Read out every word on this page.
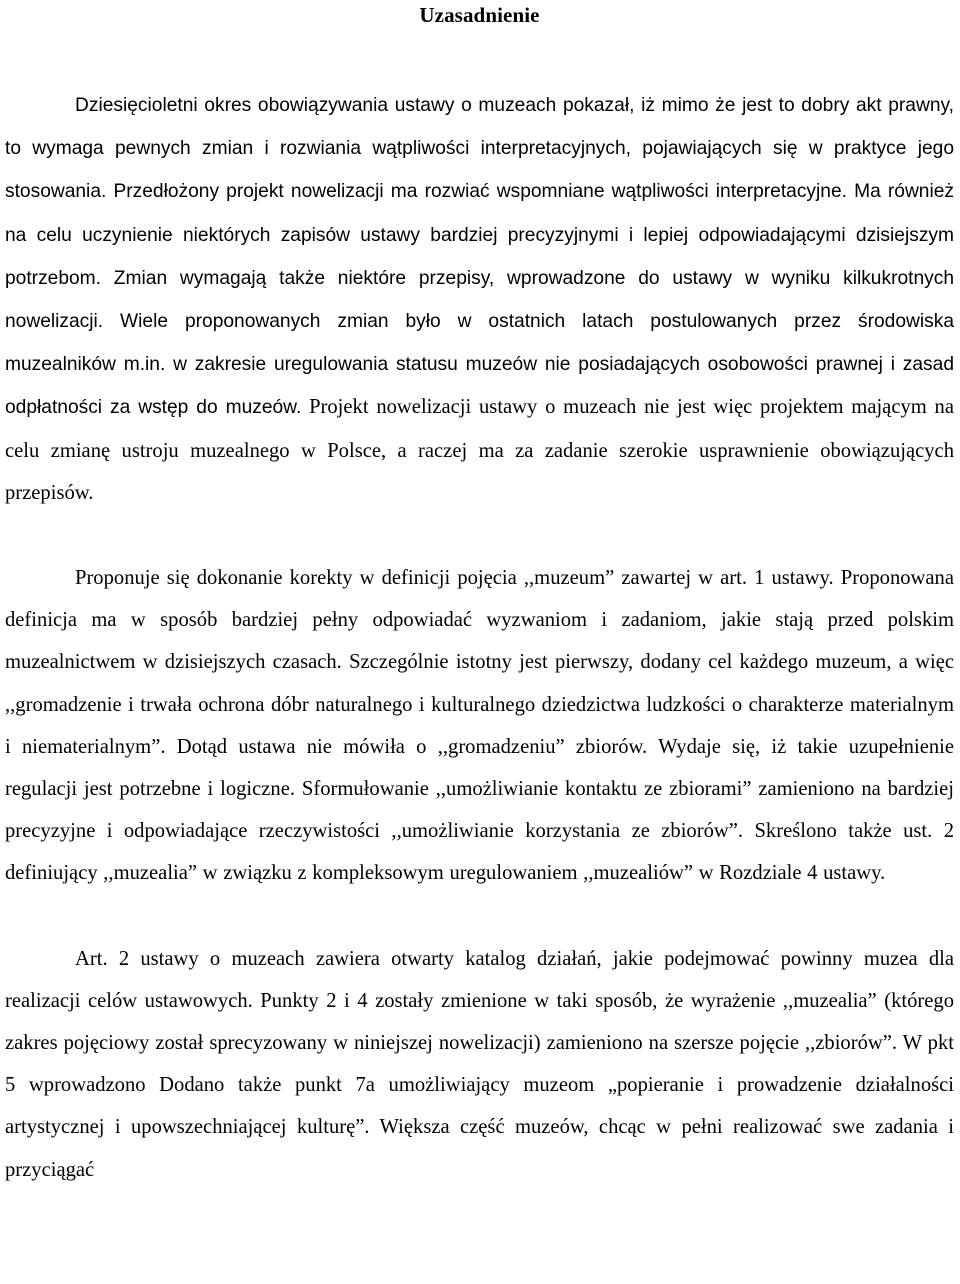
Uzasadnienie

Dziesięcioletni okres obowiązywania ustawy o muzeach pokazał, iż mimo że jest to dobry akt prawny, to wymaga pewnych zmian i rozwiania wątpliwości interpretacyjnych, pojawiających się w praktyce jego stosowania. Przedłożony projekt nowelizacji ma rozwiać wspomniane wątpliwości interpretacyjne. Ma również na celu uczynienie niektórych zapisów ustawy bardziej precyzyjnymi i lepiej odpowiadającymi dzisiejszym potrzebom. Zmian wymagają także niektóre przepisy, wprowadzone do ustawy w wyniku kilkukrotnych nowelizacji. Wiele proponowanych zmian było w ostatnich latach postulowanych przez środowiska muzealników m.in. w zakresie uregulowania statusu muzeów nie posiadających osobowości prawnej i zasad odpłatności za wstęp do muzeów. Projekt nowelizacji ustawy o muzeach nie jest więc projektem mającym na celu zmianę ustroju muzealnego w Polsce, a raczej ma za zadanie szerokie usprawnienie obowiązujących przepisów.

Proponuje się dokonanie korekty w definicji pojęcia ,,muzeum” zawartej w art. 1 ustawy. Proponowana definicja ma w sposób bardziej pełny odpowiadać wyzwaniom i zadaniom, jakie stają przed polskim muzealnictwem w dzisiejszych czasach. Szczególnie istotny jest pierwszy, dodany cel każdego muzeum, a więc ,,gromadzenie i trwała ochrona dóbr naturalnego i kulturalnego dziedzictwa ludzkości o charakterze materialnym i niematerialnym”. Dotąd ustawa nie mówiła o ,,gromadzeniu” zbiorów. Wydaje się, iż takie uzupełnienie regulacji jest potrzebne i logiczne. Sformułowanie ,,umożliwianie kontaktu ze zbiorami” zamieniono na bardziej precyzyjne i odpowiadające rzeczywistości ,,umożliwianie korzystania ze zbiorów”. Skreślono także ust. 2 definiujący ,,muzealia” w związku z kompleksowym uregulowaniem ,,muzealiów” w Rozdziale 4 ustawy.

Art. 2 ustawy o muzeach zawiera otwarty katalog działań, jakie podejmować powinny muzea dla realizacji celów ustawowych. Punkty 2 i 4 zostały zmienione w taki sposób, że wyrażenie ,,muzealia” (którego zakres pojęciowy został sprecyzowany w niniejszej nowelizacji) zamieniono na szersze pojęcie ,,zbiorów”. W pkt 5 wprowadzono Dodano także punkt 7a umożliwiający muzeom „popieranie i prowadzenie działalności artystycznej i upowszechniającej kulturę”. Większa część muzeów, chcąc w pełni realizować swe zadania i przyciągać
